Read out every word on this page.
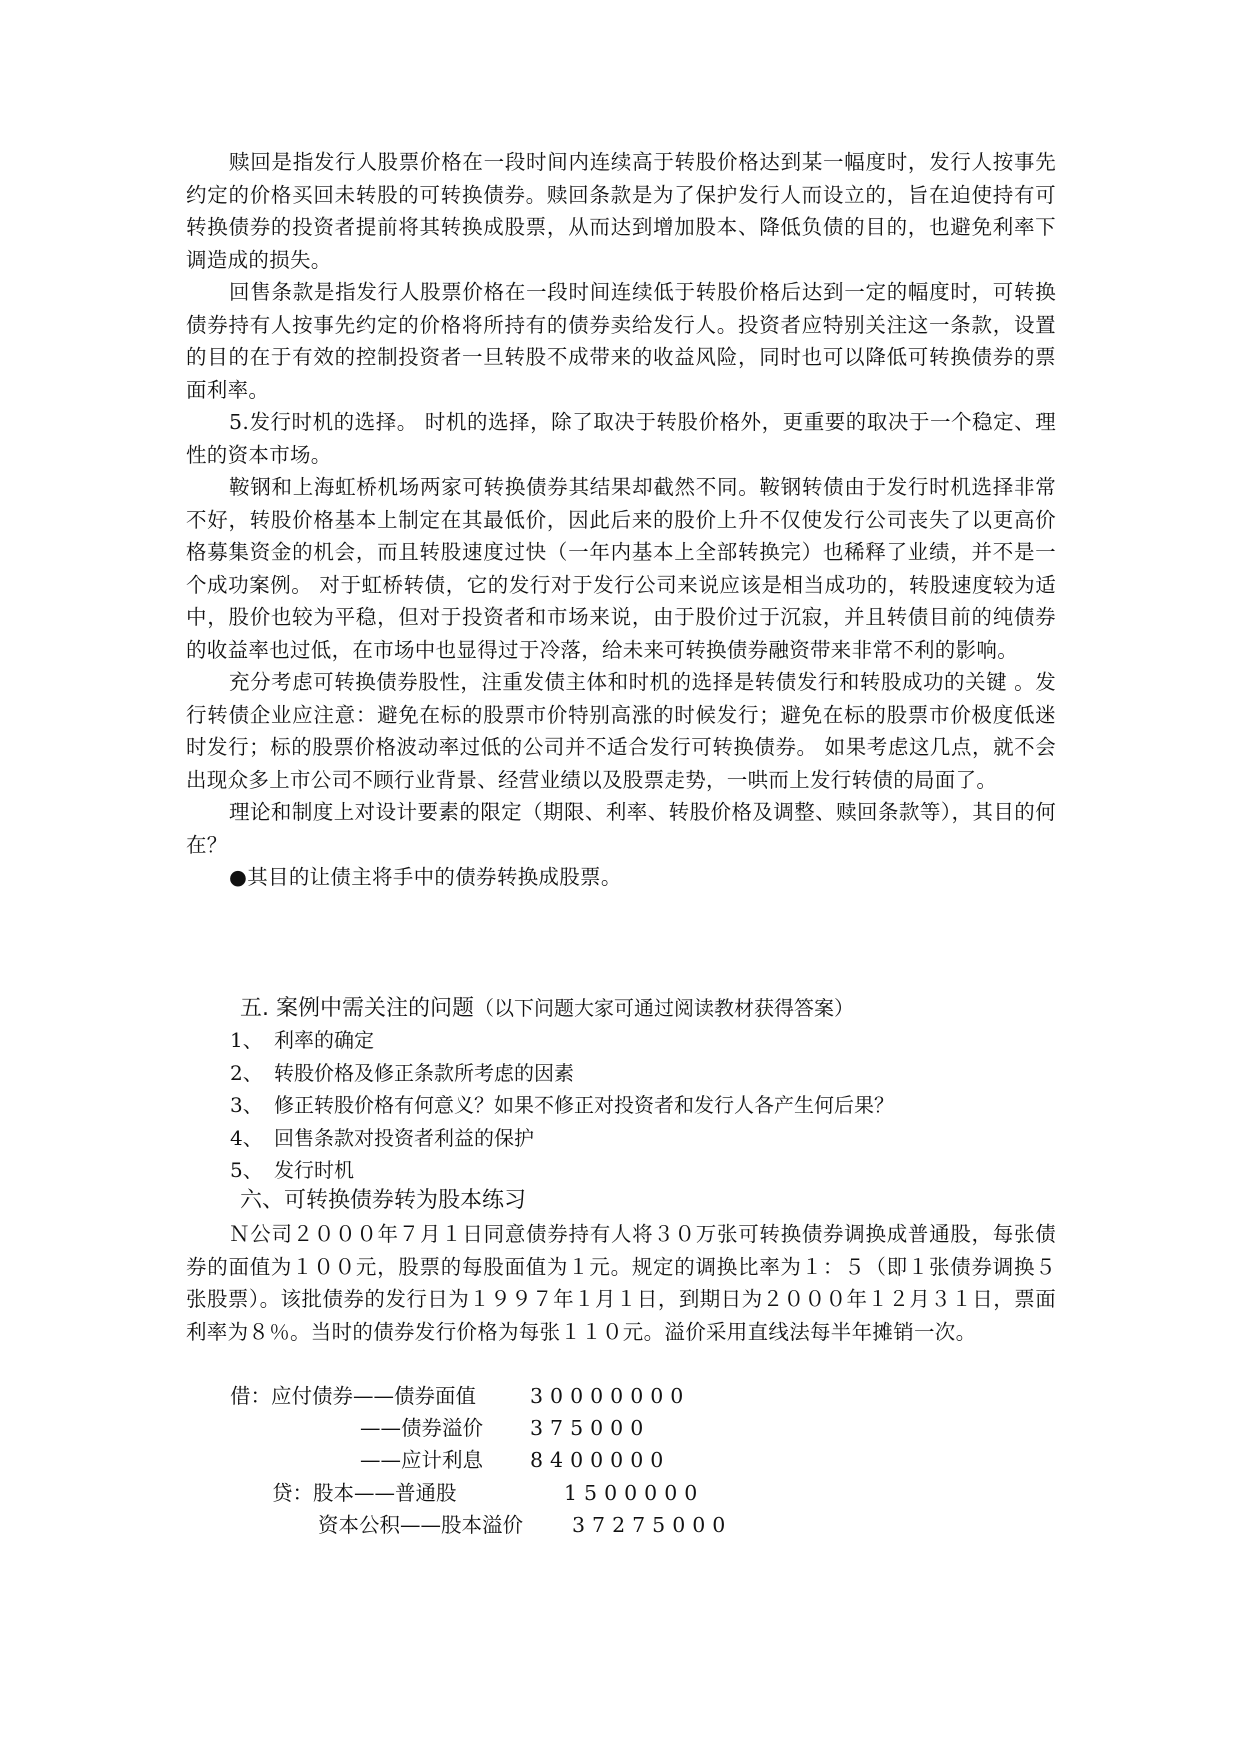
赎回是指发行人股票价格在一段时间内连续高于转股价格达到某一幅度时，发行人按事先约定的价格买回未转股的可转换债券。赎回条款是为了保护发行人而设立的，旨在迫使持有可转换债券的投资者提前将其转换成股票，从而达到增加股本、降低负债的目的，也避免利率下调造成的损失。

回售条款是指发行人股票价格在一段时间连续低于转股价格后达到一定的幅度时，可转换债券持有人按事先约定的价格将所持有的债券卖给发行人。投资者应特别关注这一条款，设置的目的在于有效的控制投资者一旦转股不成带来的收益风险，同时也可以降低可转换债券的票面利率。

5.发行时机的选择。 时机的选择，除了取决于转股价格外，更重要的取决于一个稳定、理性的资本市场。

鞍钢和上海虹桥机场两家可转换债券其结果却截然不同。鞍钢转债由于发行时机选择非常不好，转股价格基本上制定在其最低价，因此后来的股价上升不仅使发行公司丧失了以更高价格募集资金的机会，而且转股速度过快（一年内基本上全部转换完）也稀释了业绩，并不是一个成功案例。 对于虹桥转债，它的发行对于发行公司来说应该是相当成功的，转股速度较为适中，股价也较为平稳，但对于投资者和市场来说，由于股价过于沉寂，并且转债目前的纯债券的收益率也过低，在市场中也显得过于冷落，给未来可转换债券融资带来非常不利的影响。

充分考虑可转换债券股性，注重发债主体和时机的选择是转债发行和转股成功的关键 。发行转债企业应注意：避免在标的股票市价特别高涨的时候发行；避免在标的股票市价极度低迷时发行；标的股票价格波动率过低的公司并不适合发行可转换债券。 如果考虑这几点，就不会出现众多上市公司不顾行业背景、经营业绩以及股票走势，一哄而上发行转债的局面了。

理论和制度上对设计要素的限定（期限、利率、转股价格及调整、赎回条款等），其目的何在？

●其目的让债主将手中的债券转换成股票。

五. 案例中需关注的问题（以下问题大家可通过阅读教材获得答案）
1、 利率的确定
2、 转股价格及修正条款所考虑的因素
3、 修正转股价格有何意义？如果不修正对投资者和发行人各产生何后果？
4、 回售条款对投资者利益的保护
5、 发行时机
六、可转换债券转为股本练习

Ｎ公司２０００年７月１日同意债券持有人将３０万张可转换债券调换成普通股，每张债券的面值为１００元，股票的每股面值为１元。规定的调换比率为１：５（即１张债券调换５张股票）。该批债券的发行日为１９９７年１月１日，到期日为２０００年１２月３１日，票面利率为８％。当时的债券发行价格为每张１１０元。溢价采用直线法每半年摊销一次。

借：应付债券——债券面值	30000000
——债券溢价 375000
——应计利息 8400000
贷：股本——普通股	1500000
资本公积——股本溢价 37275000
